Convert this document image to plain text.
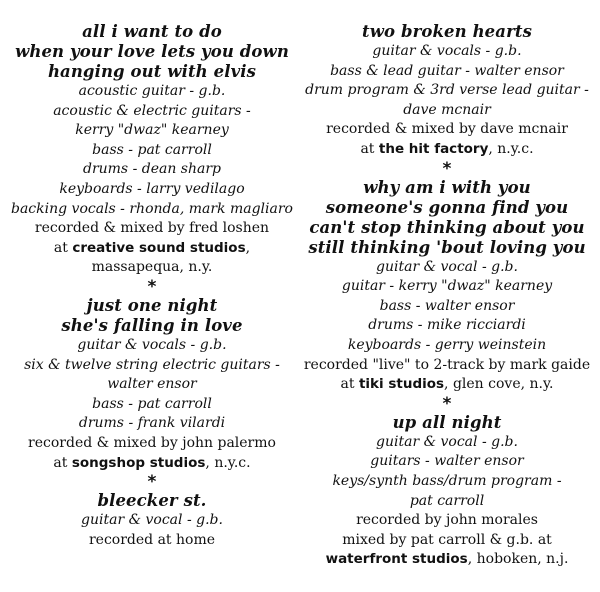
all i want to do
when your love lets you down
hanging out with elvis
acoustic guitar - g.b.
acoustic & electric guitars -
kerry "dwaz" kearney
bass - pat carroll
drums - dean sharp
keyboards - larry vedilago
backing vocals - rhonda, mark magliaro
recorded & mixed by fred loshen
at creative sound studios,
massapequa, n.y.
*
just one night
she's falling in love
guitar & vocals - g.b.
six & twelve string electric guitars -
walter ensor
bass - pat carroll
drums - frank vilardi
recorded & mixed by john palermo
at songshop studios, n.y.c.
*
bleecker st.
guitar & vocal - g.b.
recorded at home
two broken hearts
guitar & vocals - g.b.
bass & lead guitar - walter ensor
drum program & 3rd verse lead guitar -
dave mcnair
recorded & mixed by dave mcnair
at the hit factory, n.y.c.
*
why am i with you
someone's gonna find you
can't stop thinking about you
still thinking 'bout loving you
guitar & vocal - g.b.
guitar - kerry "dwaz" kearney
bass - walter ensor
drums - mike ricciardi
keyboards - gerry weinstein
recorded "live" to 2-track by mark gaide
at tiki studios, glen cove, n.y.
*
up all night
guitar & vocal - g.b.
guitars - walter ensor
keys/synth bass/drum program -
pat carroll
recorded by john morales
mixed by pat carroll & g.b. at
waterfront studios, hoboken, n.j.
